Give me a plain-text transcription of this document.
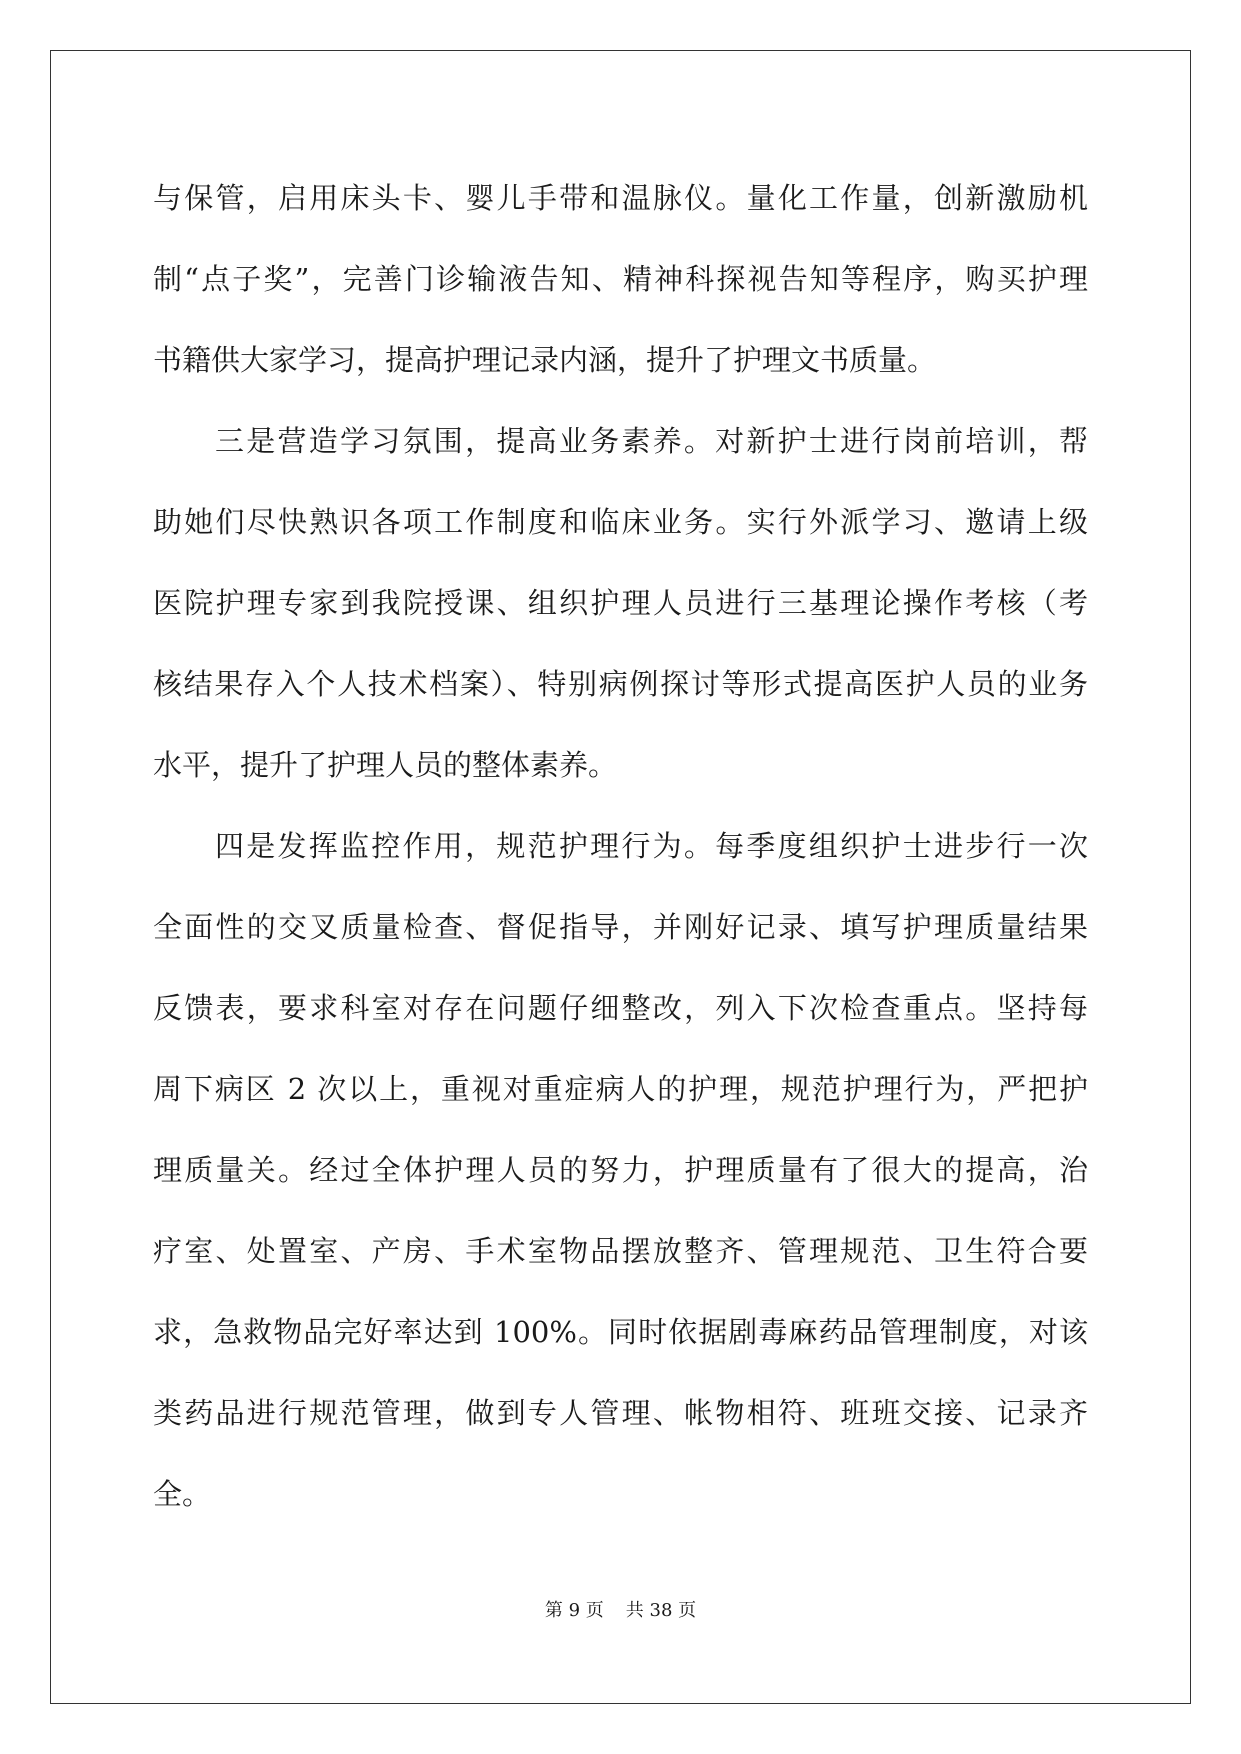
与保管，启用床头卡、婴儿手带和温脉仪。量化工作量，创新激励机
制“点子奖”，完善门诊输液告知、精神科探视告知等程序，购买护理
书籍供大家学习，提高护理记录内涵，提升了护理文书质量。
三是营造学习氛围，提高业务素养。对新护士进行岗前培训，帮
助她们尽快熟识各项工作制度和临床业务。实行外派学习、邀请上级
医院护理专家到我院授课、组织护理人员进行三基理论操作考核（考
核结果存入个人技术档案）、特别病例探讨等形式提高医护人员的业务
水平，提升了护理人员的整体素养。
四是发挥监控作用，规范护理行为。每季度组织护士进步行一次
全面性的交叉质量检查、督促指导，并刚好记录、填写护理质量结果
反馈表，要求科室对存在问题仔细整改，列入下次检查重点。坚持每
周下病区 2 次以上，重视对重症病人的护理，规范护理行为，严把护
理质量关。经过全体护理人员的努力，护理质量有了很大的提高，治
疗室、处置室、产房、手术室物品摆放整齐、管理规范、卫生符合要
求，急救物品完好率达到 100%。同时依据剧毒麻药品管理制度，对该
类药品进行规范管理，做到专人管理、帐物相符、班班交接、记录齐
全。
第 9 页 共 38 页
